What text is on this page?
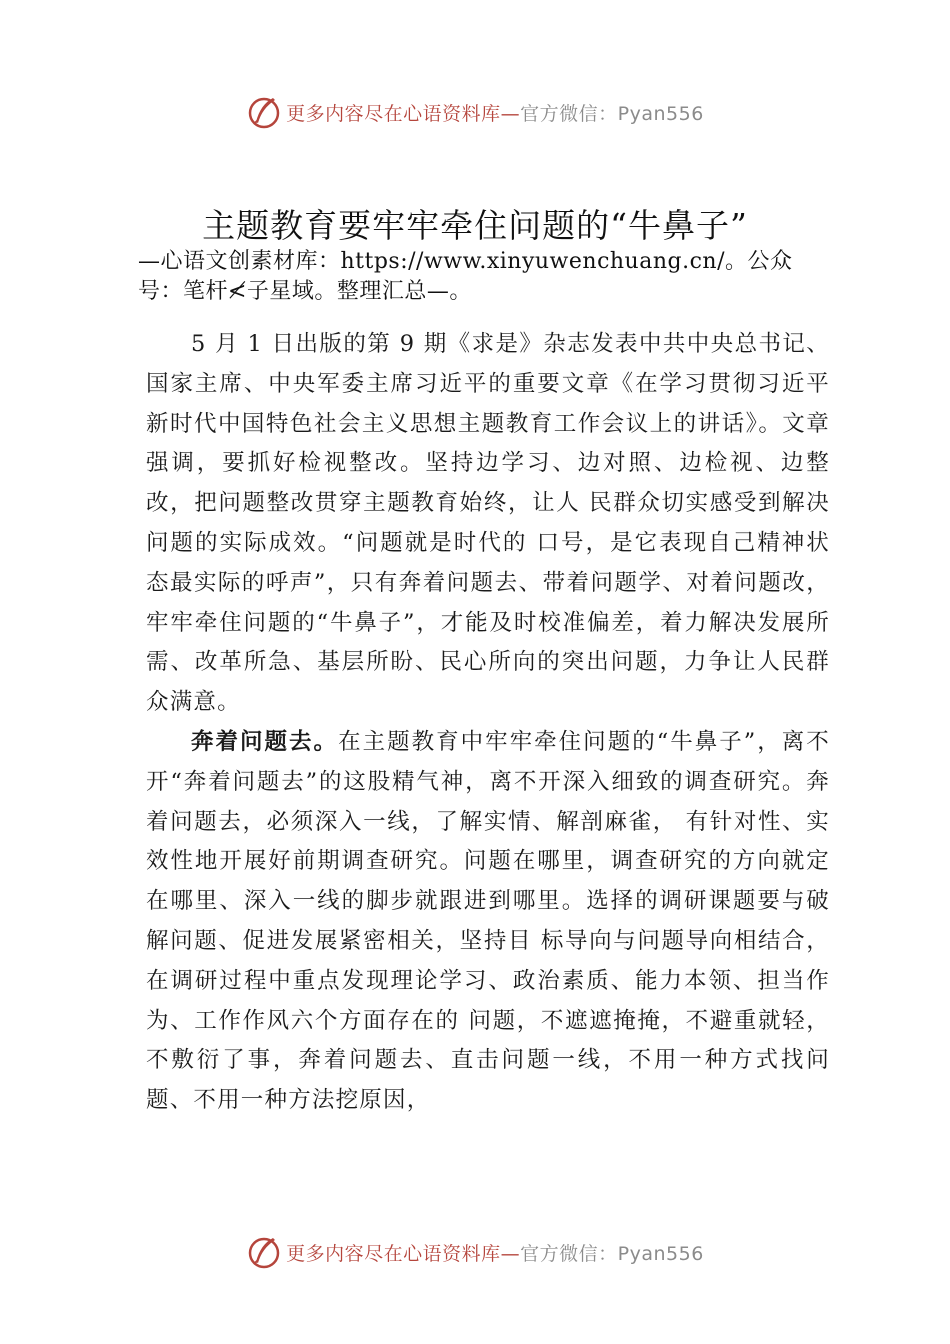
更多内容尽在心语资料库—官方微信：Pyan556
主题教育要牢牢牵住问题的“牛鼻子”

—心语文创素材库：https://www.xinyuwenchuang.cn/。公众号：笔杆≮子星域。整理汇总—。

5 月 1 日出版的第 9 期《求是》杂志发表中共中央总书记、国家主席、中央军委主席习近平的重要文章《在学习贯彻习近平新时代中国特色社会主义思想主题教育工作会议上的讲话》。文章强调，要抓好检视整改。坚持边学习、边对照、边检视、边整改，把问题整改贯穿主题教育始终，让人 民群众切实感受到解决问题的实际成效。“问题就是时代的 口号，是它表现自己精神状态最实际的呼声”，只有奔着问题去、带着问题学、对着问题改，牢牢牵住问题的“牛鼻子”，才能及时校准偏差，着力解决发展所需、改革所急、基层所盼、民心所向的突出问题，力争让人民群众满意。

奔着问题去。在主题教育中牢牢牵住问题的“牛鼻子”，离不开“奔着问题去”的这股精气神，离不开深入细致的调查研究。奔着问题去，必须深入一线，了解实情、解剖麻雀， 有针对性、实效性地开展好前期调查研究。问题在哪里，调查研究的方向就定在哪里、深入一线的脚步就跟进到哪里。选择的调研课题要与破解问题、促进发展紧密相关，坚持目 标导向与问题导向相结合，在调研过程中重点发现理论学习、政治素质、能力本领、担当作为、工作作风六个方面存在的 问题，不遮遮掩掩，不避重就轻，不敷衍了事，奔着问题去、直击问题一线，不用一种方式找问题、不用一种方法挖原因，

更多内容尽在心语资料库—官方微信：Pyan556
